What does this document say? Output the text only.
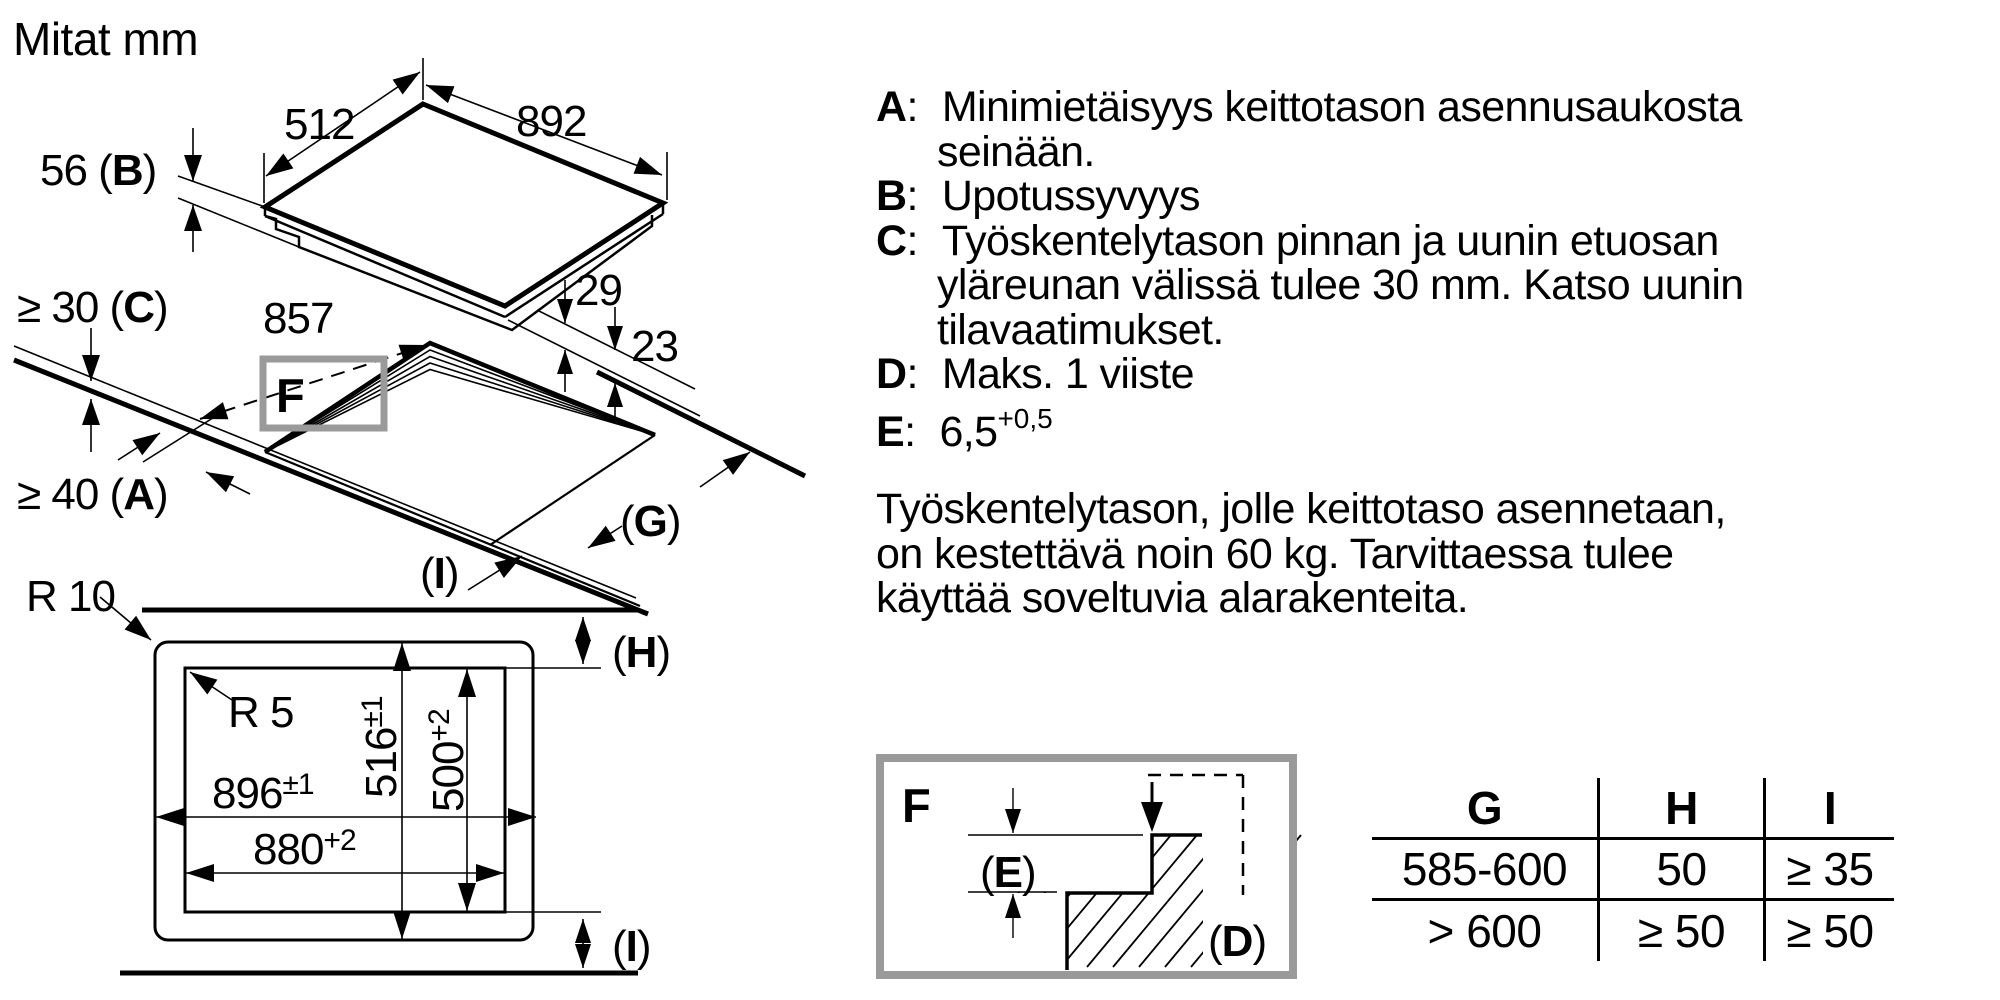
512	892
56 (B)
≥ 30 (C)
≥ 40 (A)
857
29
23
F
(G)
(I)
R 10
R 5
$516^{\pm 1}$
$500^{+2}$
$896^{\pm 1}$
$880^{+2}$
(H)
(I)
F
(E)
(D)
Mitat mm
A: Minimietäisyys keittotason asennusaukosta
seinään.
B: Upotussyvyys
C: Työskentelytason pinnan ja uunin etuosan
yläreunan välissä tulee 30 mm. Katso uunin
tilavaatimukset.
D: Maks. 1 viiste
E: $6,5^{+0,5}$
Työskentelytason, jolle keittotaso asennetaan,
on kestettävä noin 60 kg. Tarvittaessa tulee
käyttää soveltuvia alarakenteita.
G	H	I
585-600	50	≥ 35
> 600	≥ 50	≥ 50
